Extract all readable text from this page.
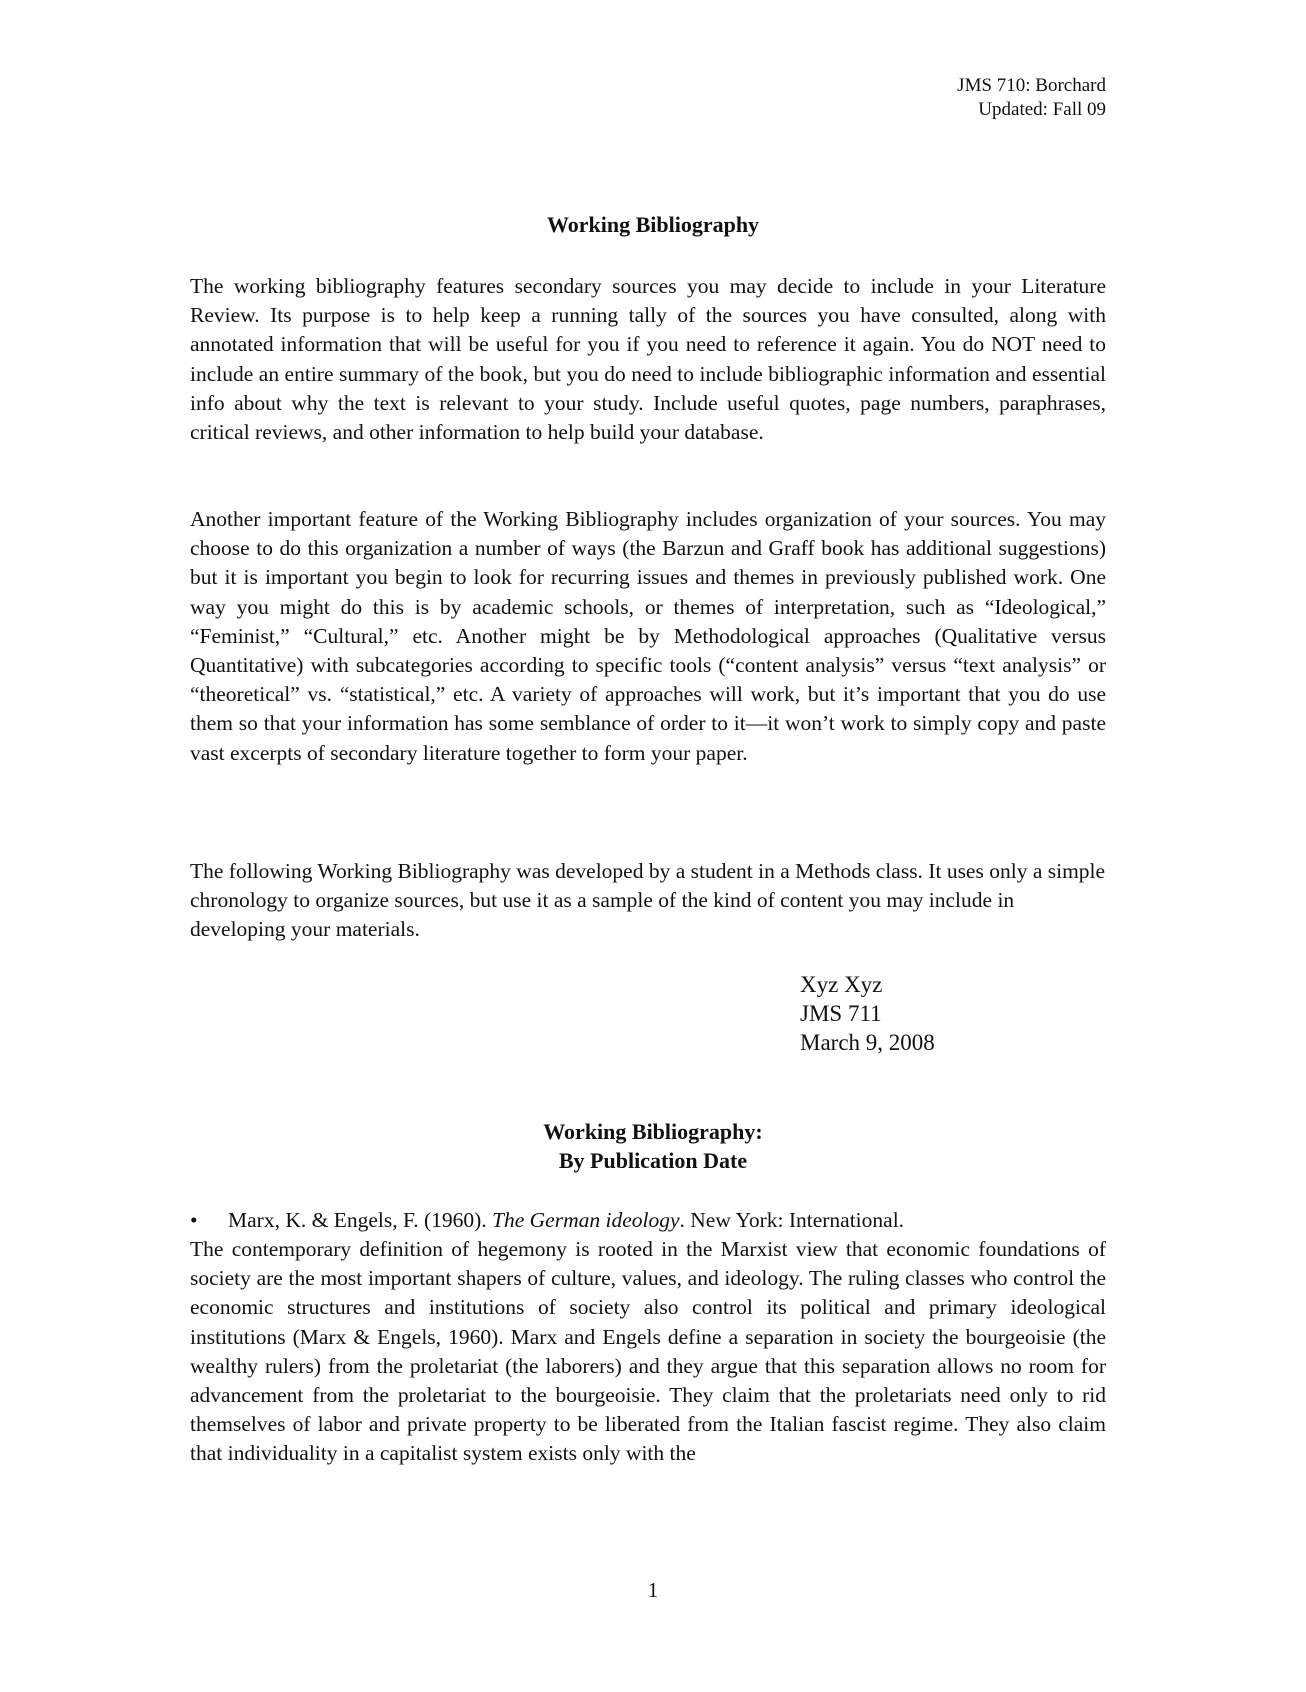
JMS 710: Borchard
Updated: Fall 09
Working Bibliography

The working bibliography features secondary sources you may decide to include in your Literature Review. Its purpose is to help keep a running tally of the sources you have consulted, along with annotated information that will be useful for you if you need to reference it again. You do NOT need to include an entire summary of the book, but you do need to include bibliographic information and essential info about why the text is relevant to your study. Include useful quotes, page numbers, paraphrases, critical reviews, and other information to help build your database.

Another important feature of the Working Bibliography includes organization of your sources. You may choose to do this organization a number of ways (the Barzun and Graff book has additional suggestions) but it is important you begin to look for recurring issues and themes in previously published work. One way you might do this is by academic schools, or themes of interpretation, such as “Ideological,” “Feminist,” “Cultural,” etc. Another might be by Methodological approaches (Qualitative versus Quantitative) with subcategories according to specific tools (“content analysis” versus “text analysis” or “theoretical” vs. “statistical,” etc. A variety of approaches will work, but it’s important that you do use them so that your information has some semblance of order to it—it won’t work to simply copy and paste vast excerpts of secondary literature together to form your paper.

The following Working Bibliography was developed by a student in a Methods class. It uses only a simple chronology to organize sources, but use it as a sample of the kind of content you may include in developing your materials.

Xyz Xyz
JMS 711
March 9, 2008
Working Bibliography:
By Publication Date
• Marx, K. & Engels, F. (1960). The German ideology. New York: International.

The contemporary definition of hegemony is rooted in the Marxist view that economic foundations of society are the most important shapers of culture, values, and ideology. The ruling classes who control the economic structures and institutions of society also control its political and primary ideological institutions (Marx & Engels, 1960). Marx and Engels define a separation in society the bourgeoisie (the wealthy rulers) from the proletariat (the laborers) and they argue that this separation allows no room for advancement from the proletariat to the bourgeoisie. They claim that the proletariats need only to rid themselves of labor and private property to be liberated from the Italian fascist regime. They also claim that individuality in a capitalist system exists only with the

1
